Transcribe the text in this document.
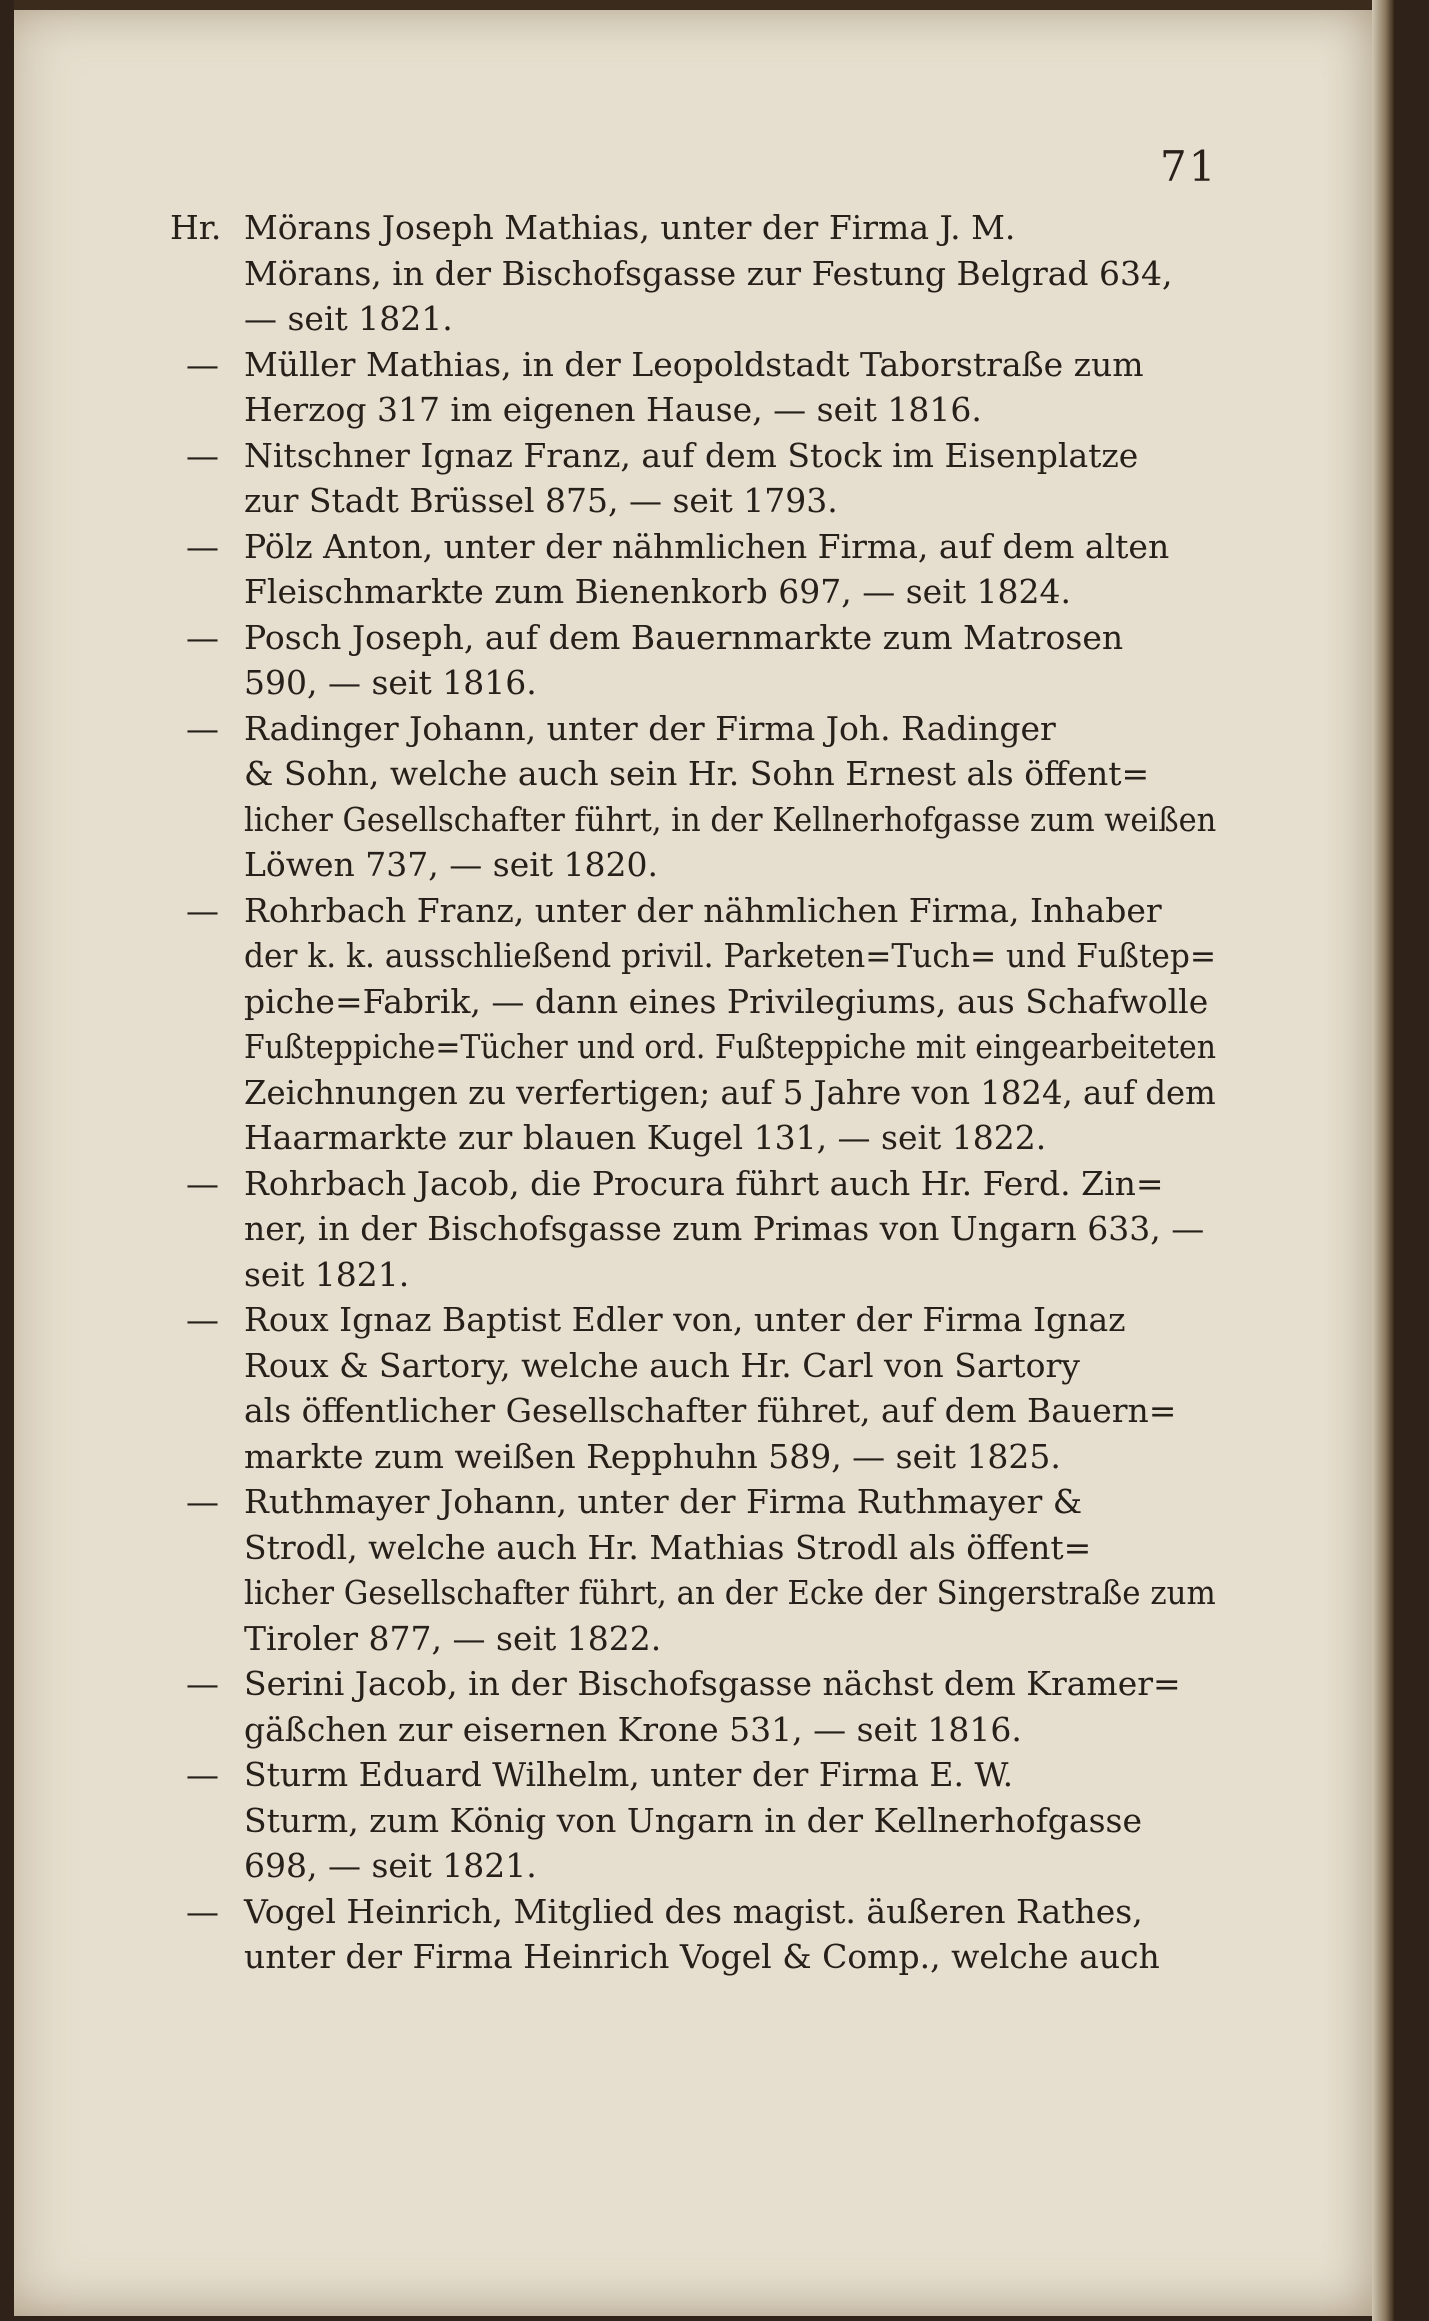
71
Hr. Mörans Joseph Mathias, unter der Firma J. M.
Mörans, in der Bischofsgasse zur Festung Belgrad 634,
— seit 1821.
— Müller Mathias, in der Leopoldstadt Taborstraße zum
Herzog 317 im eigenen Hause, — seit 1816.
— Nitschner Ignaz Franz, auf dem Stock im Eisenplatze
zur Stadt Brüssel 875, — seit 1793.
— Pölz Anton, unter der nähmlichen Firma, auf dem alten
Fleischmarkte zum Bienenkorb 697, — seit 1824.
— Posch Joseph, auf dem Bauernmarkte zum Matrosen
590, — seit 1816.
— Radinger Johann, unter der Firma Joh. Radinger
& Sohn, welche auch sein Hr. Sohn Ernest als öffent=
licher Gesellschafter führt, in der Kellnerhofgasse zum weißen
Löwen 737, — seit 1820.
— Rohrbach Franz, unter der nähmlichen Firma, Inhaber
der k. k. ausschließend privil. Parketen=Tuch= und Fußtep=
piche=Fabrik, — dann eines Privilegiums, aus Schafwolle
Fußteppiche=Tücher und ord. Fußteppiche mit eingearbeiteten
Zeichnungen zu verfertigen; auf 5 Jahre von 1824, auf dem
Haarmarkte zur blauen Kugel 131, — seit 1822.
— Rohrbach Jacob, die Procura führt auch Hr. Ferd. Zin=
ner, in der Bischofsgasse zum Primas von Ungarn 633, —
seit 1821.
— Roux Ignaz Baptist Edler von, unter der Firma Ignaz
Roux & Sartory, welche auch Hr. Carl von Sartory
als öffentlicher Gesellschafter führet, auf dem Bauern=
markte zum weißen Repphuhn 589, — seit 1825.
— Ruthmayer Johann, unter der Firma Ruthmayer &
Strodl, welche auch Hr. Mathias Strodl als öffent=
licher Gesellschafter führt, an der Ecke der Singerstraße zum
Tiroler 877, — seit 1822.
— Serini Jacob, in der Bischofsgasse nächst dem Kramer=
gäßchen zur eisernen Krone 531, — seit 1816.
— Sturm Eduard Wilhelm, unter der Firma E. W.
Sturm, zum König von Ungarn in der Kellnerhofgasse
698, — seit 1821.
— Vogel Heinrich, Mitglied des magist. äußeren Rathes,
unter der Firma Heinrich Vogel & Comp., welche auch
